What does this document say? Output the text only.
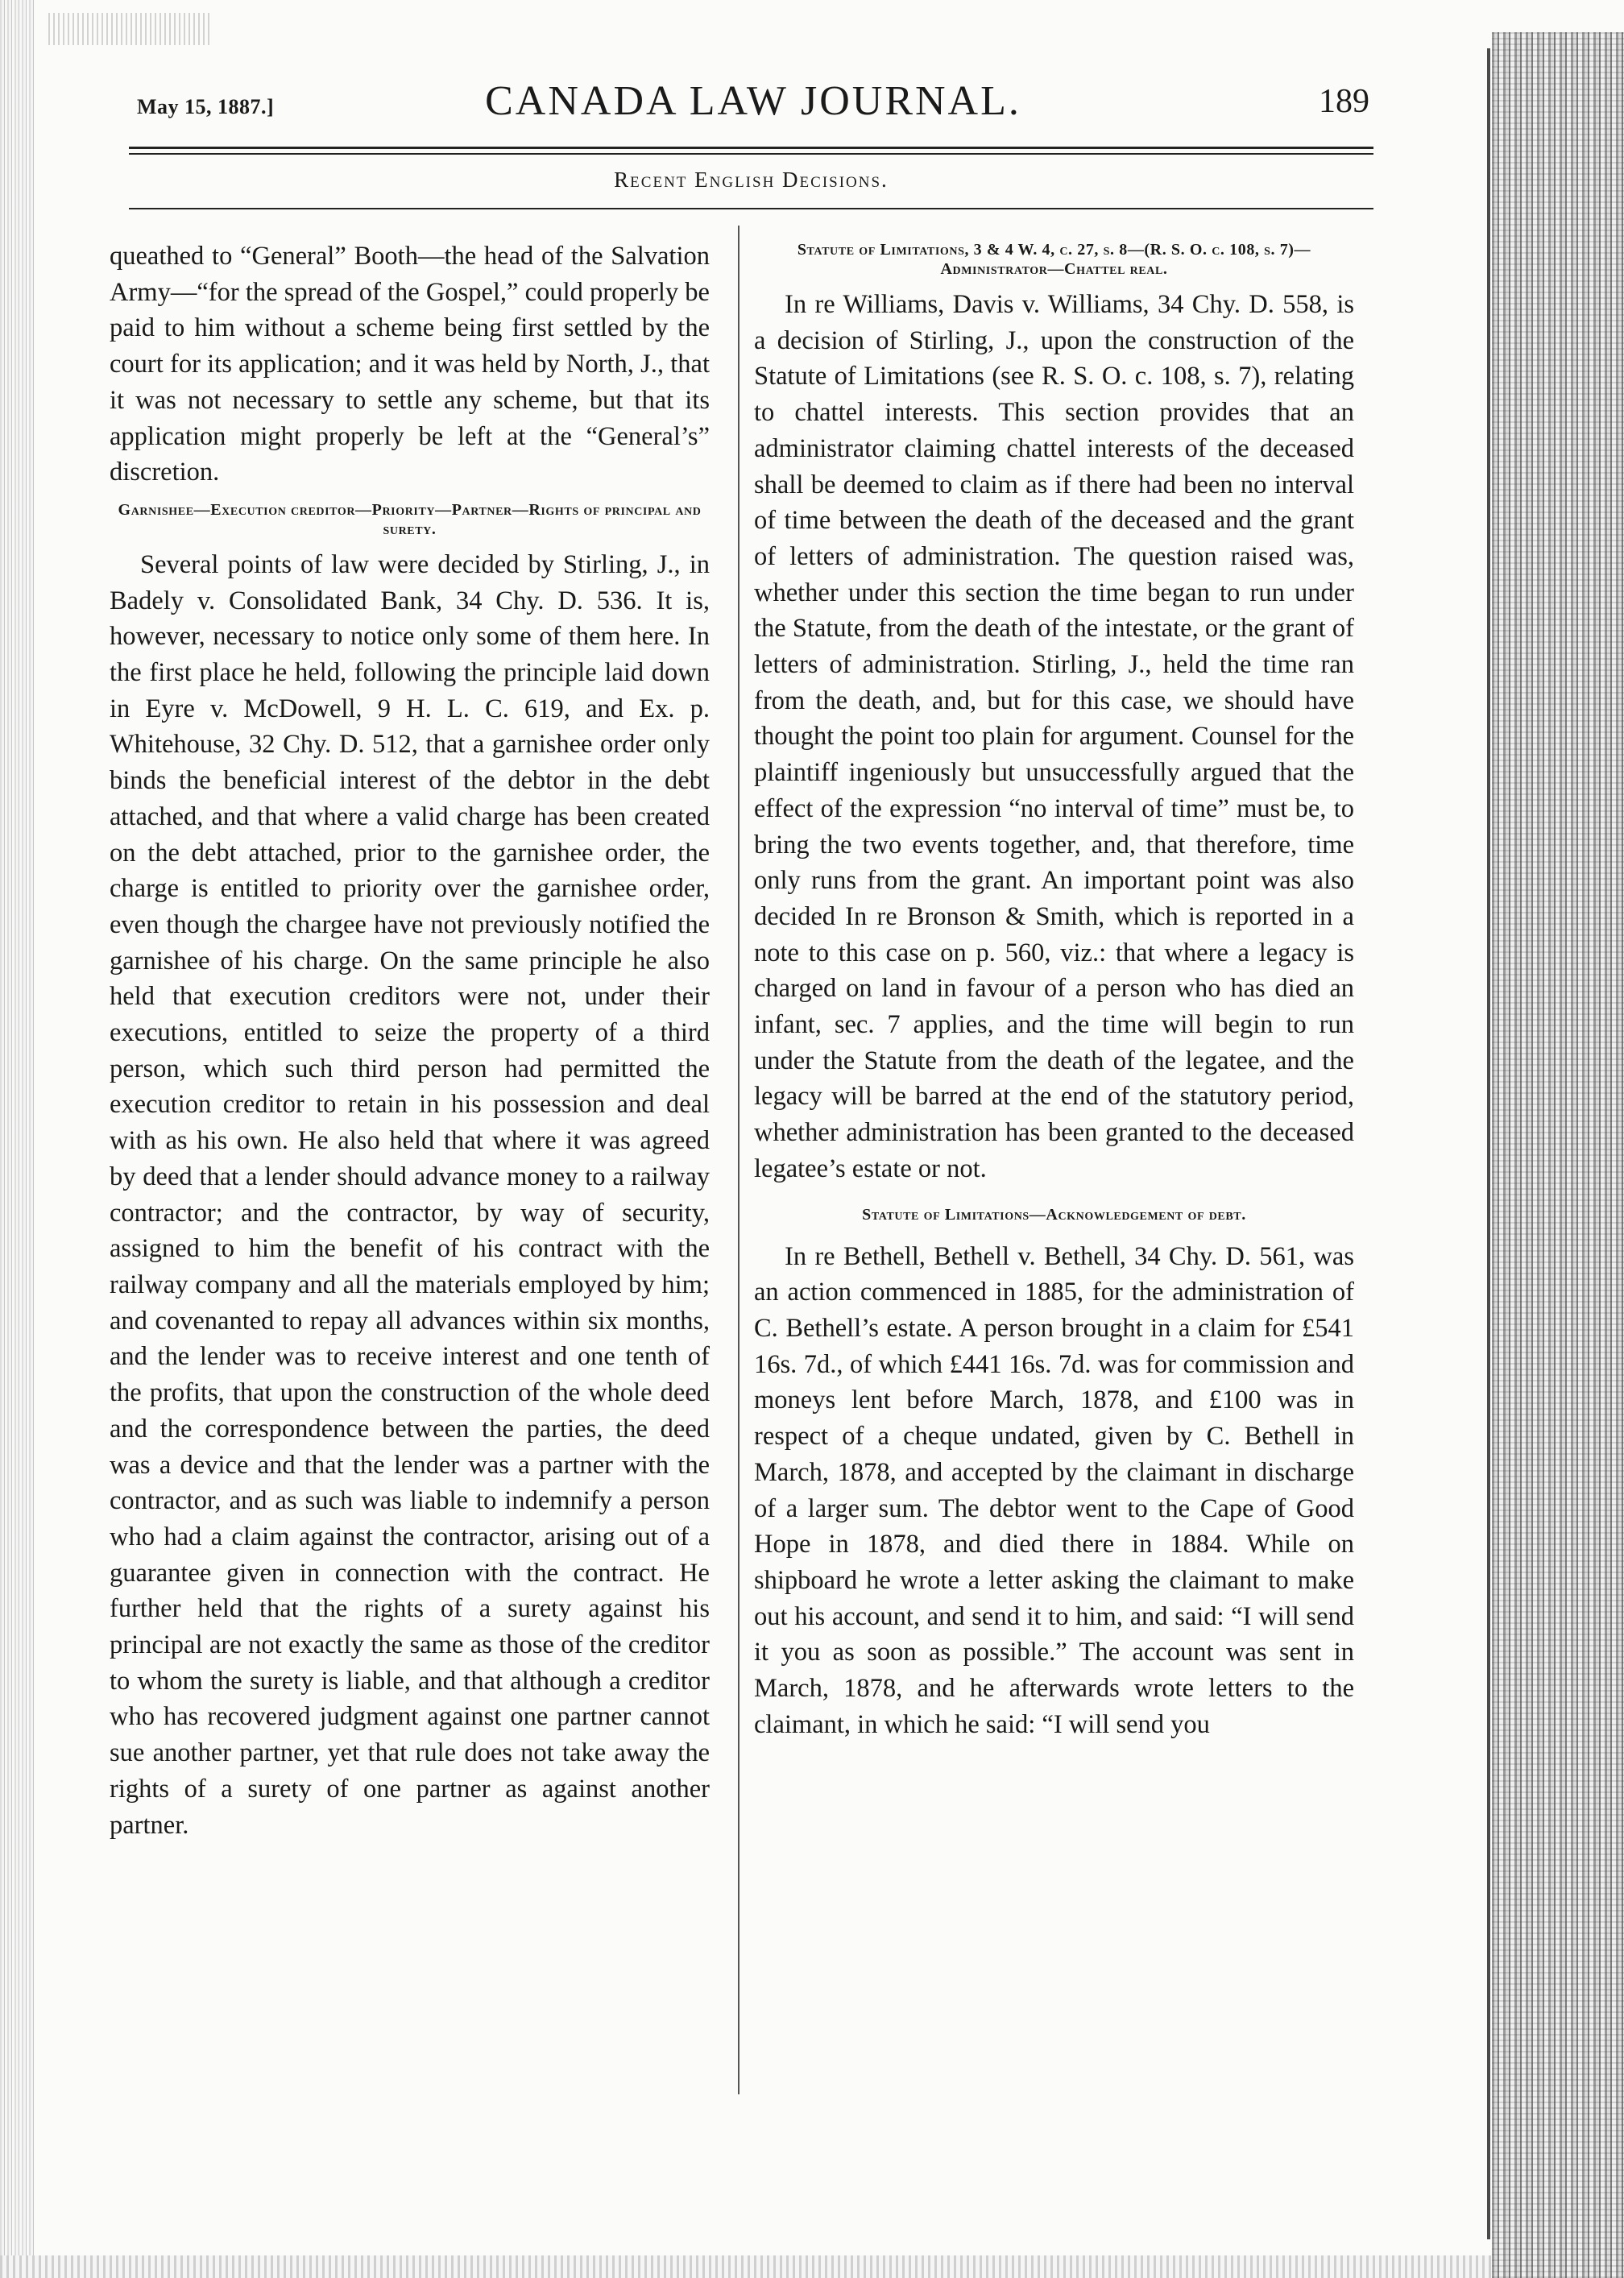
May 15, 1887.]	CANADA LAW JOURNAL.	189
Recent English Decisions.

queathed to “General” Booth—the head of the Salvation Army—“for the spread of the Gospel,” could properly be paid to him without a scheme being first settled by the court for its application; and it was held by North, J., that it was not necessary to settle any scheme, but that its application might properly be left at the “General’s” discretion.

Garnishee—Execution creditor—Priority—Partner—Rights of principal and surety.

Several points of law were decided by Stirling, J., in Badely v. Consolidated Bank, 34 Chy. D. 536. It is, however, necessary to notice only some of them here. In the first place he held, following the principle laid down in Eyre v. McDowell, 9 H. L. C. 619, and Ex. p. Whitehouse, 32 Chy. D. 512, that a garnishee order only binds the beneficial interest of the debtor in the debt attached, and that where a valid charge has been created on the debt attached, prior to the garnishee order, the charge is entitled to priority over the garnishee order, even though the chargee have not previously notified the garnishee of his charge. On the same principle he also held that execution creditors were not, under their executions, entitled to seize the property of a third person, which such third person had permitted the execution creditor to retain in his possession and deal with as his own. He also held that where it was agreed by deed that a lender should advance money to a railway contractor; and the contractor, by way of security, assigned to him the benefit of his contract with the railway company and all the materials employed by him; and covenanted to repay all advances within six months, and the lender was to receive interest and one tenth of the profits, that upon the construction of the whole deed and the correspondence between the parties, the deed was a device and that the lender was a partner with the contractor, and as such was liable to indemnify a person who had a claim against the contractor, arising out of a guarantee given in connection with the contract. He further held that the rights of a surety against his principal are not exactly the same as those of the creditor to whom the surety is liable, and that although a creditor who has recovered judgment against one partner cannot sue another partner, yet that rule does not take away the rights of a surety of one partner as against another partner.

Statute of Limitations, 3 & 4 W. 4, c. 27, s. 8—(R. S. O. c. 108, s. 7)—Administrator—Chattel real.

In re Williams, Davis v. Williams, 34 Chy. D. 558, is a decision of Stirling, J., upon the construction of the Statute of Limitations (see R. S. O. c. 108, s. 7), relating to chattel interests. This section provides that an administrator claiming chattel interests of the deceased shall be deemed to claim as if there had been no interval of time between the death of the deceased and the grant of letters of administration. The question raised was, whether under this section the time began to run under the Statute, from the death of the intestate, or the grant of letters of administration. Stirling, J., held the time ran from the death, and, but for this case, we should have thought the point too plain for argument. Counsel for the plaintiff ingeniously but unsuccessfully argued that the effect of the expression “no interval of time” must be, to bring the two events together, and, that therefore, time only runs from the grant. An important point was also decided In re Bronson & Smith, which is reported in a note to this case on p. 560, viz.: that where a legacy is charged on land in favour of a person who has died an infant, sec. 7 applies, and the time will begin to run under the Statute from the death of the legatee, and the legacy will be barred at the end of the statutory period, whether administration has been granted to the deceased legatee’s estate or not.

Statute of Limitations—Acknowledgement of debt.

In re Bethell, Bethell v. Bethell, 34 Chy. D. 561, was an action commenced in 1885, for the administration of C. Bethell’s estate. A person brought in a claim for £541 16s. 7d., of which £441 16s. 7d. was for commission and moneys lent before March, 1878, and £100 was in respect of a cheque undated, given by C. Bethell in March, 1878, and accepted by the claimant in discharge of a larger sum. The debtor went to the Cape of Good Hope in 1878, and died there in 1884. While on shipboard he wrote a letter asking the claimant to make out his account, and send it to him, and said: “I will send it you as soon as possible.” The account was sent in March, 1878, and he afterwards wrote letters to the claimant, in which he said: “I will send you
